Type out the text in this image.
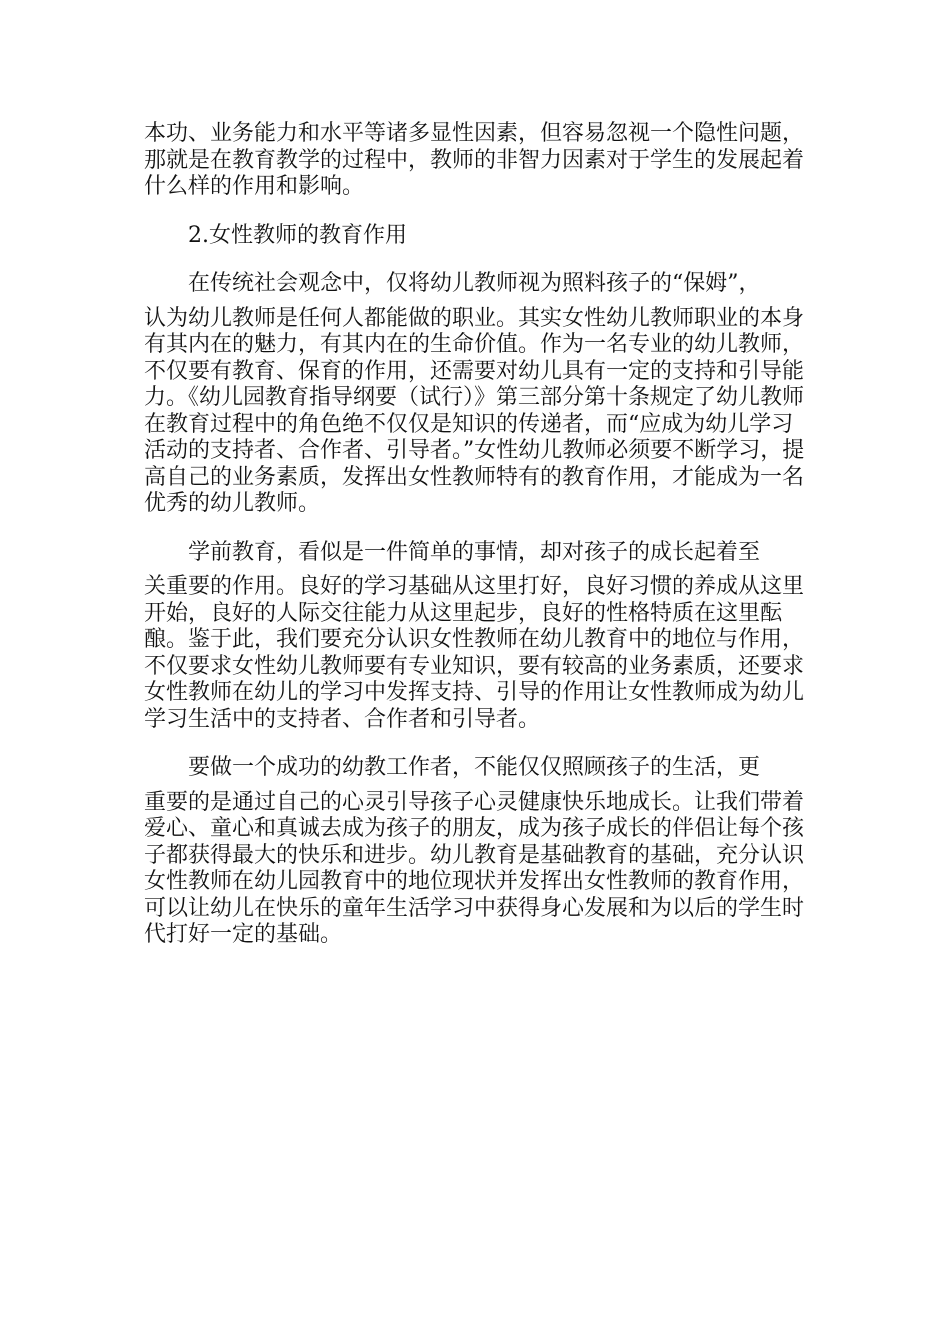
本功、业务能力和水平等诸多显性因素，但容易忽视一个隐性问题，那就是在教育教学的过程中，教师的非智力因素对于学生的发展起着什么样的作用和影响。

2.女性教师的教育作用

在传统社会观念中，仅将幼儿教师视为照料孩子的“保姆”，
认为幼儿教师是任何人都能做的职业。其实女性幼儿教师职业的本身有其内在的魅力，有其内在的生命价值。作为一名专业的幼儿教师，不仅要有教育、保育的作用，还需要对幼儿具有一定的支持和引导能力。《幼儿园教育指导纲要（试行）》第三部分第十条规定了幼儿教师在教育过程中的角色绝不仅仅是知识的传递者，而“应成为幼儿学习活动的支持者、合作者、引导者。”女性幼儿教师必须要不断学习，提高自己的业务素质，发挥出女性教师特有的教育作用，才能成为一名优秀的幼儿教师。
学前教育，看似是一件简单的事情，却对孩子的成长起着至
关重要的作用。良好的学习基础从这里打好，良好习惯的养成从这里开始，良好的人际交往能力从这里起步，良好的性格特质在这里酝酿。鉴于此，我们要充分认识女性教师在幼儿教育中的地位与作用，不仅要求女性幼儿教师要有专业知识，要有较高的业务素质，还要求女性教师在幼儿的学习中发挥支持、引导的作用让女性教师成为幼儿学习生活中的支持者、合作者和引导者。
要做一个成功的幼教工作者，不能仅仅照顾孩子的生活，更
重要的是通过自己的心灵引导孩子心灵健康快乐地成长。让我们带着爱心、童心和真诚去成为孩子的朋友，成为孩子成长的伴侣让每个孩子都获得最大的快乐和进步。幼儿教育是基础教育的基础，充分认识女性教师在幼儿园教育中的地位现状并发挥出女性教师的教育作用，可以让幼儿在快乐的童年生活学习中获得身心发展和为以后的学生时代打好一定的基础。
